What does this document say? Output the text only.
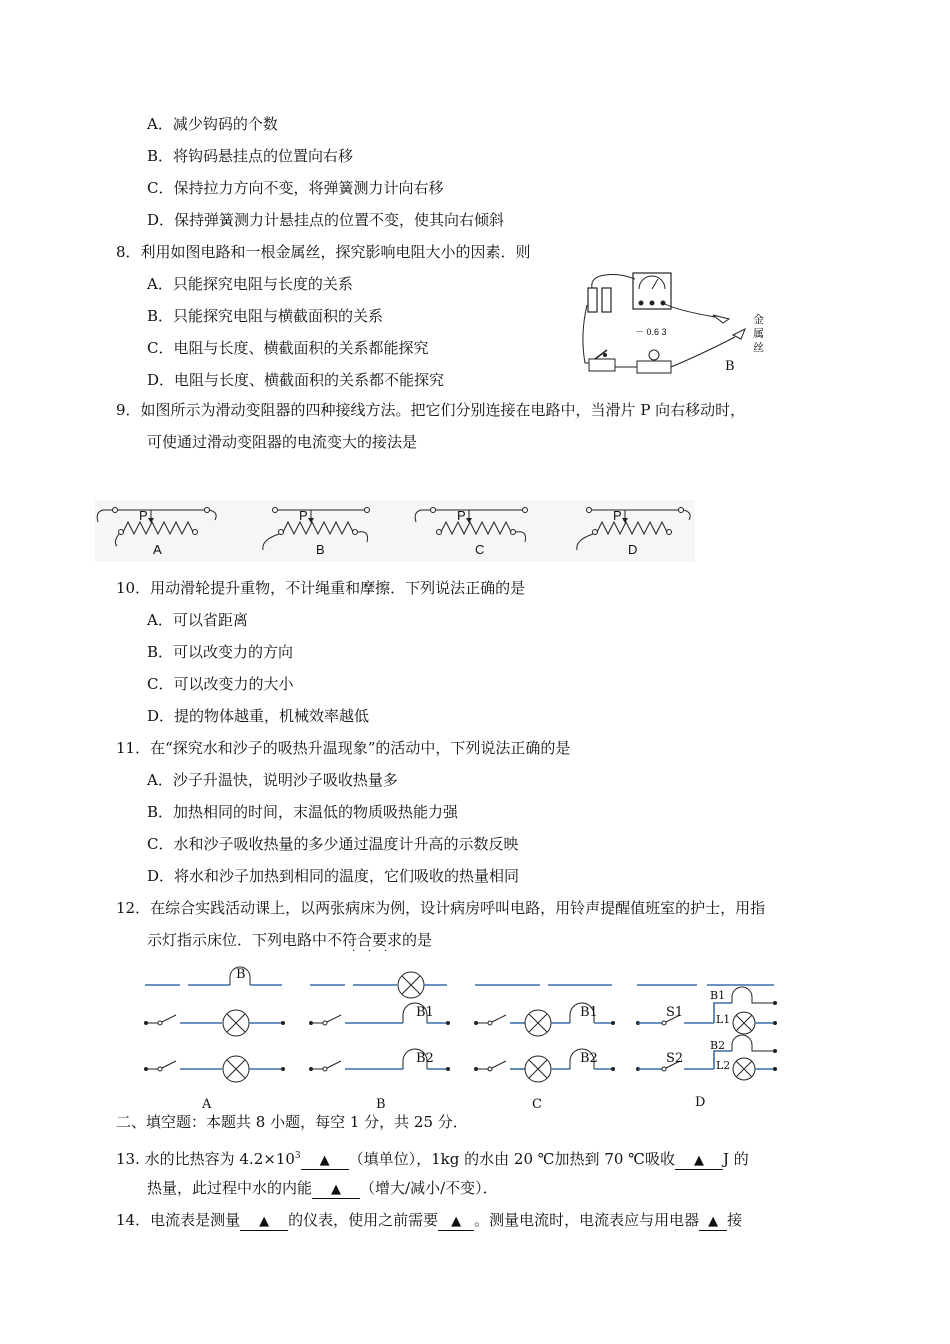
A．减少钩码的个数
B．将钩码悬挂点的位置向右移
C．保持拉力方向不变，将弹簧测力计向右移
D．保持弹簧测力计悬挂点的位置不变，使其向右倾斜
8．利用如图电路和一根金属丝，探究影响电阻大小的因素．则
A．只能探究电阻与长度的关系
B．只能探究电阻与横截面积的关系
C．电阻与长度、横截面积的关系都能探究
D．电阻与长度、横截面积的关系都不能探究
－ 0.6 3
金
属
丝
B
9．如图所示为滑动变阻器的四种接线方法。把它们分别连接在电路中，当滑片 P 向右移动时，
可使通过滑动变阻器的电流变大的接法是
P	P	P	P
A	B	C	D
10．用动滑轮提升重物，不计绳重和摩擦．下列说法正确的是
A．可以省距离
B．可以改变力的方向
C．可以改变力的大小
D．提的物体越重，机械效率越低
11．在“探究水和沙子的吸热升温现象”的活动中，下列说法正确的是
A．沙子升温快，说明沙子吸收热量多
B．加热相同的时间，末温低的物质吸热能力强
C．水和沙子吸收热量的多少通过温度计升高的示数反映
D．将水和沙子加热到相同的温度，它们吸收的热量相同
12．在综合实践活动课上，以两张病床为例，设计病房呼叫电路，用铃声提醒值班室的护士，用指
示灯指示床位．下列电路中不符合要求的是
· · ·
B
B1
B2
B1
B2
S1
S2
B1
L1
B2
L2
A	B	C	D
二、填空题：本题共 8 小题，每空 1 分，共 25 分．
13. 水的比热容为 $4.2\times 10^3$ ▲ （填单位），1kg 的水由 20 ℃加热到 70 ℃吸收 ▲ J 的
热量，此过程中水的内能 ▲ （增大/减小/不变）．
14．电流表是测量 ▲ 的仪表，使用之前需要 ▲ 。测量电流时，电流表应与用电器 ▲ 接
